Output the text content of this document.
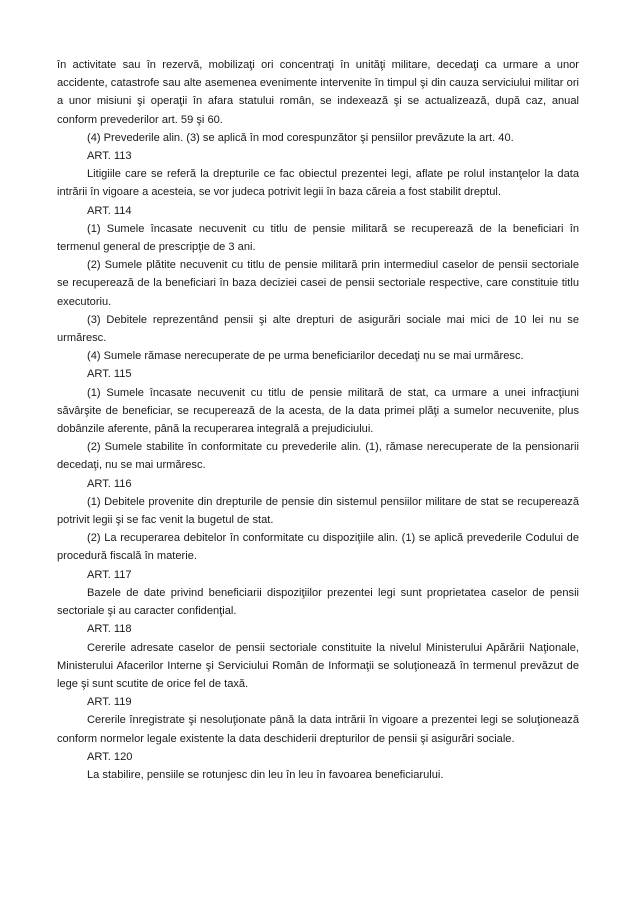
în activitate sau în rezervă, mobilizaţi ori concentraţi în unităţi militare, decedaţi ca urmare a unor accidente, catastrofe sau alte asemenea evenimente intervenite în timpul şi din cauza serviciului militar ori a unor misiuni şi operaţii în afara statului român, se indexează şi se actualizează, după caz, anual conform prevederilor art. 59 şi 60.

(4) Prevederile alin. (3) se aplică în mod corespunzător şi pensiilor prevăzute la art. 40.

ART. 113

Litigiile care se referă la drepturile ce fac obiectul prezentei legi, aflate pe rolul instanţelor la data intrării în vigoare a acesteia, se vor judeca potrivit legii în baza căreia a fost stabilit dreptul.

ART. 114

(1) Sumele încasate necuvenit cu titlu de pensie militară se recuperează de la beneficiari în termenul general de prescripţie de 3 ani.

(2) Sumele plătite necuvenit cu titlu de pensie militară prin intermediul caselor de pensii sectoriale se recuperează de la beneficiari în baza deciziei casei de pensii sectoriale respective, care constituie titlu executoriu.

(3) Debitele reprezentând pensii şi alte drepturi de asigurări sociale mai mici de 10 lei nu se urmăresc.

(4) Sumele rămase nerecuperate de pe urma beneficiarilor decedaţi nu se mai urmăresc.

ART. 115

(1) Sumele încasate necuvenit cu titlu de pensie militară de stat, ca urmare a unei infracţiuni săvârşite de beneficiar, se recuperează de la acesta, de la data primei plăţi a sumelor necuvenite, plus dobânzile aferente, până la recuperarea integrală a prejudiciului.

(2) Sumele stabilite în conformitate cu prevederile alin. (1), rămase nerecuperate de la pensionarii decedaţi, nu se mai urmăresc.

ART. 116

(1) Debitele provenite din drepturile de pensie din sistemul pensiilor militare de stat se recuperează potrivit legii şi se fac venit la bugetul de stat.

(2) La recuperarea debitelor în conformitate cu dispoziţiile alin. (1) se aplică prevederile Codului de procedură fiscală în materie.

ART. 117

Bazele de date privind beneficiarii dispoziţiilor prezentei legi sunt proprietatea caselor de pensii sectoriale şi au caracter confidenţial.

ART. 118

Cererile adresate caselor de pensii sectoriale constituite la nivelul Ministerului Apărării Naţionale, Ministerului Afacerilor Interne şi Serviciului Român de Informaţii se soluţionează în termenul prevăzut de lege şi sunt scutite de orice fel de taxă.

ART. 119

Cererile înregistrate şi nesoluţionate până la data intrării în vigoare a prezentei legi se soluţionează conform normelor legale existente la data deschiderii drepturilor de pensii şi asigurări sociale.

ART. 120

La stabilire, pensiile se rotunjesc din leu în leu în favoarea beneficiarului.
